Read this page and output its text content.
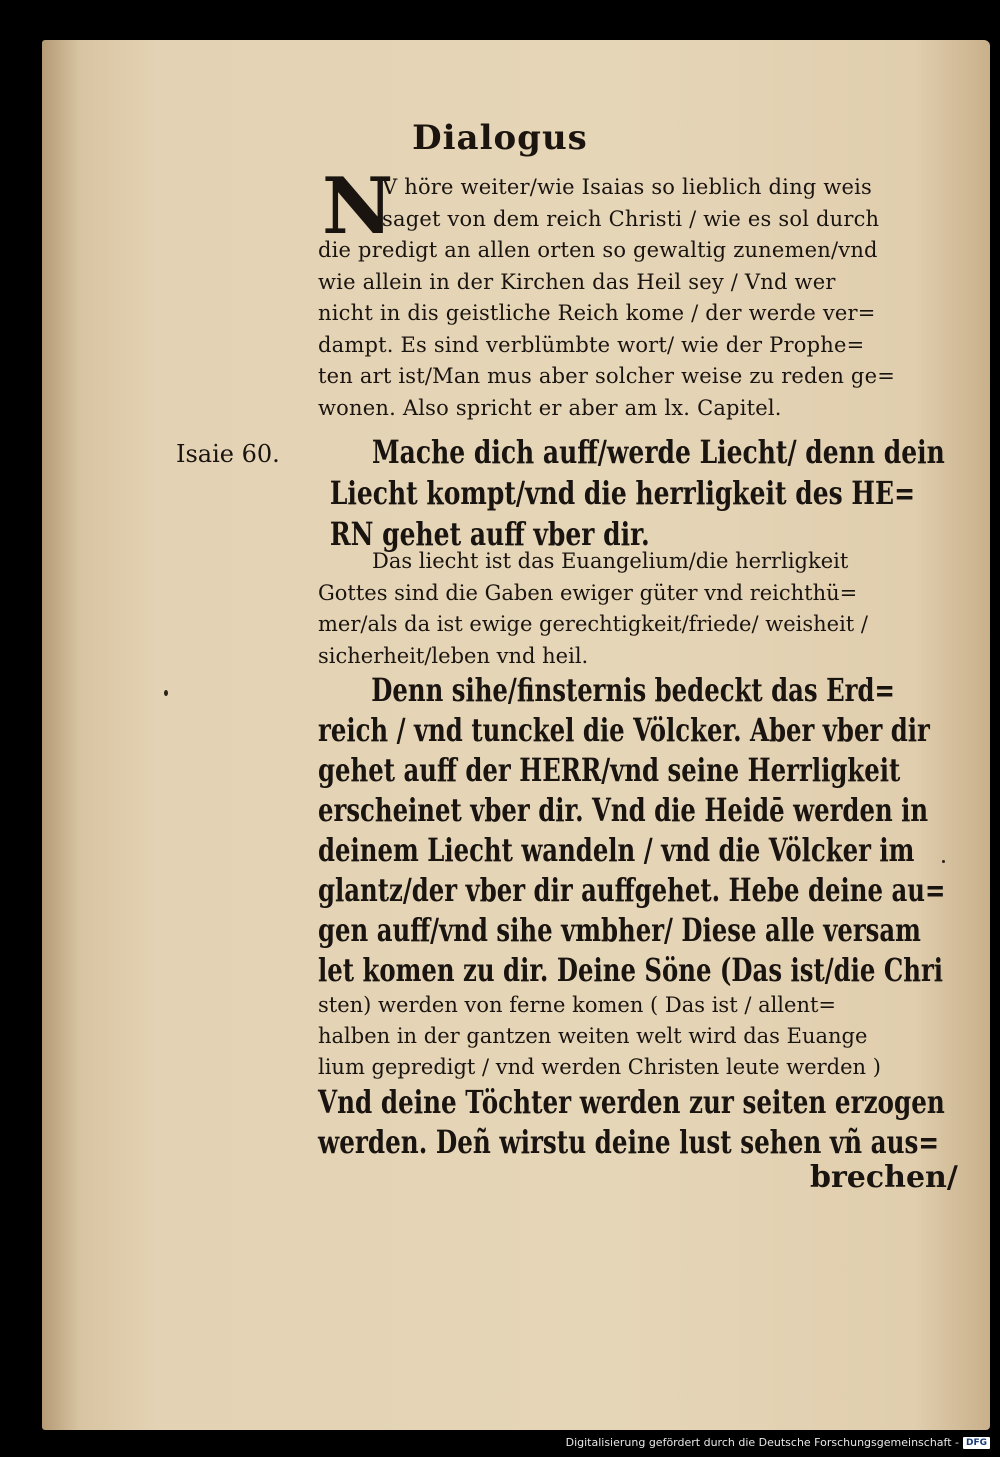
Dialogus
N
V höre weiter/wie Isaias so lieblich ding weis
saget von dem reich Christi / wie es sol durch
die predigt an allen orten so gewaltig zunemen/vnd
wie allein in der Kirchen das Heil sey / Vnd wer
nicht in dis geistliche Reich kome / der werde ver=
dampt. Es sind verblümbte wort/ wie der Prophe=
ten art ist/Man mus aber solcher weise zu reden ge=
wonen. Also spricht er aber am lx. Capitel.
Isaie 60.	Mache dich auff/werde Liecht/ denn dein
Liecht kompt/vnd die herrligkeit des HE=
RN gehet auff vber dir.
Das liecht ist das Euangelium/die herrligkeit
Gottes sind die Gaben ewiger güter vnd reichthü=
mer/als da ist ewige gerechtigkeit/friede/ weisheit /
sicherheit/leben vnd heil.
Denn sihe/finsternis bedeckt das Erd=
reich / vnd tunckel die Völcker. Aber vber dir
gehet auff der HERR/vnd seine Herrligkeit
erscheinet vber dir. Vnd die Heidē werden in
deinem Liecht wandeln / vnd die Völcker im
glantz/der vber dir auffgehet. Hebe deine au=
gen auff/vnd sihe vmbher/ Diese alle versam
let komen zu dir. Deine Söne (Das ist/die Chri
sten) werden von ferne komen ( Das ist / allent=
halben in der gantzen weiten welt wird das Euange
lium gepredigt / vnd werden Christen leute werden )
Vnd deine Töchter werden zur seiten erzogen
werden. Deñ wirstu deine lust sehen vñ aus=
brechen/
Digitalisierung gefördert durch die Deutsche Forschungsgemeinschaft - DFG
